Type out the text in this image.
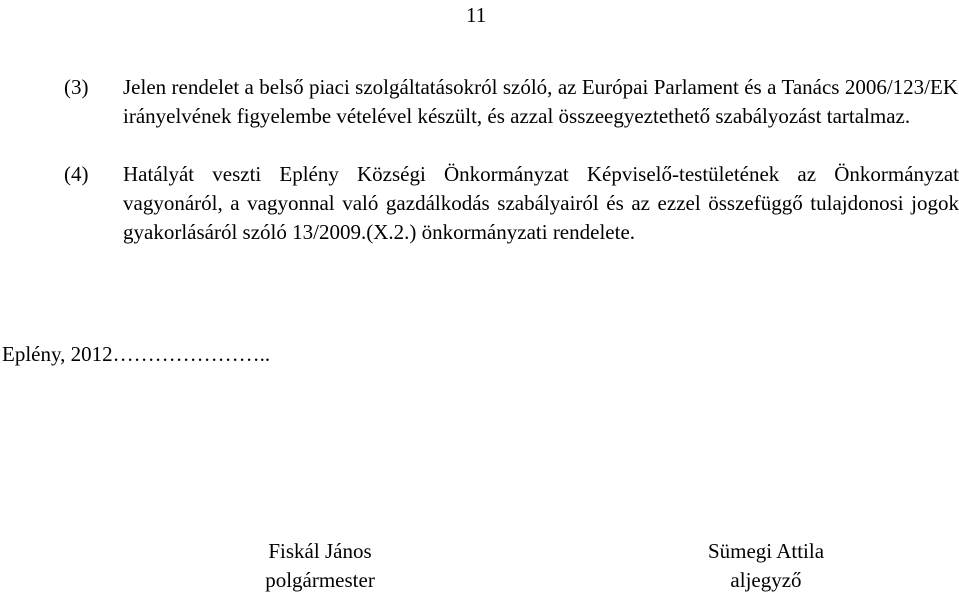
11
(3) Jelen rendelet a belső piaci szolgáltatásokról szóló, az Európai Parlament és a Tanács 2006/123/EK irányelvének figyelembe vételével készült, és azzal összeegyeztethető szabályozást tartalmaz.
(4) Hatályát veszti Eplény Községi Önkormányzat Képviselő-testületének az Önkormányzat vagyonáról, a vagyonnal való gazdálkodás szabályairól és az ezzel összefüggő tulajdonosi jogok gyakorlásáról szóló 13/2009.(X.2.) önkormányzati rendelete.
Eplény, 2012…………………..
Fiskál János
polgármester
Sümegi Attila
aljegyző
